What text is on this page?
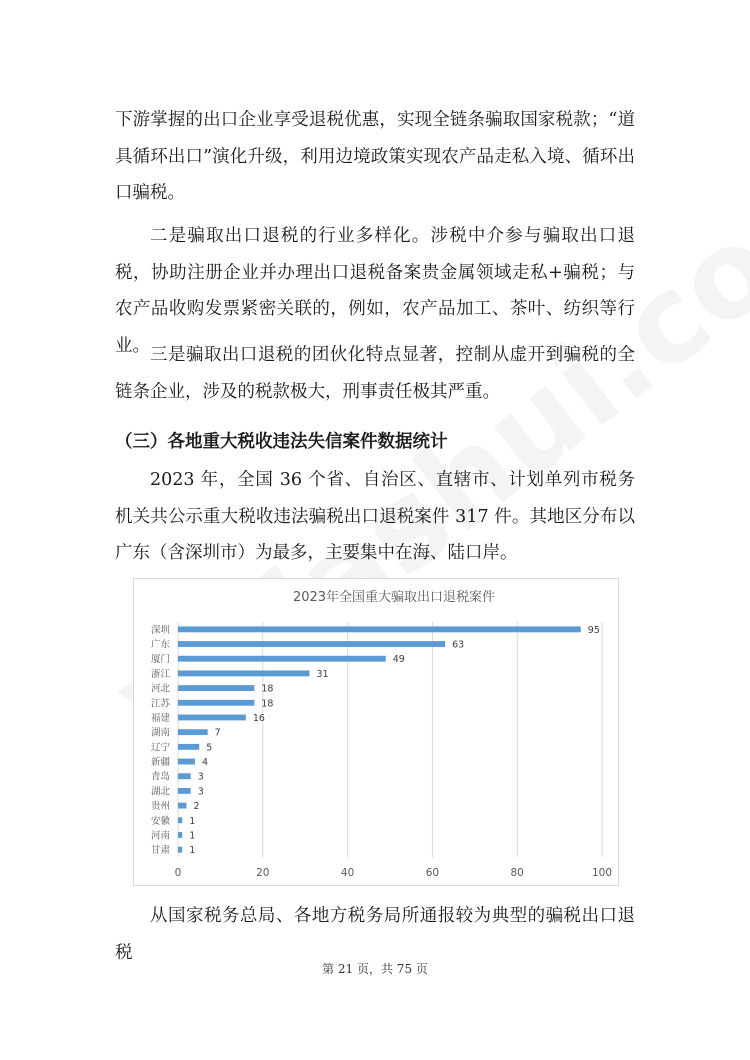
下游掌握的出口企业享受退税优惠，实现全链条骗取国家税款；“道具循环出口”演化升级，利用边境政策实现农产品走私入境、循环出口骗税。

二是骗取出口退税的行业多样化。涉税中介参与骗取出口退税，协助注册企业并办理出口退税备案贵金属领域走私+骗税；与农产品收购发票紧密关联的，例如，农产品加工、茶叶、纺织等行业。 三是骗取出口退税的团伙化特点显著，控制从虚开到骗税的全链条企业，涉及的税款极大，刑事责任极其严重。

（三）各地重大税收违法失信案件数据统计

2023 年，全国 36 个省、自治区、直辖市、计划单列市税务机关共公示重大税收违法骗税出口退税案件 317 件。其地区分布以广东（含深圳市）为最多，主要集中在海、陆口岸。

2023年全国重大骗取出口退税案件
0	20	40	60	80	100
深圳	95
广东	63
厦门	49
浙江	31
河北	18
江苏	18
福建	16
湖南	7
辽宁	5
新疆	4
青岛	3
湖北	3
贵州 2
安徽 1
河南 1
甘肃 1

从国家税务总局、各地方税务局所通报较为典型的骗税出口退税

第 21 页，共 75 页
